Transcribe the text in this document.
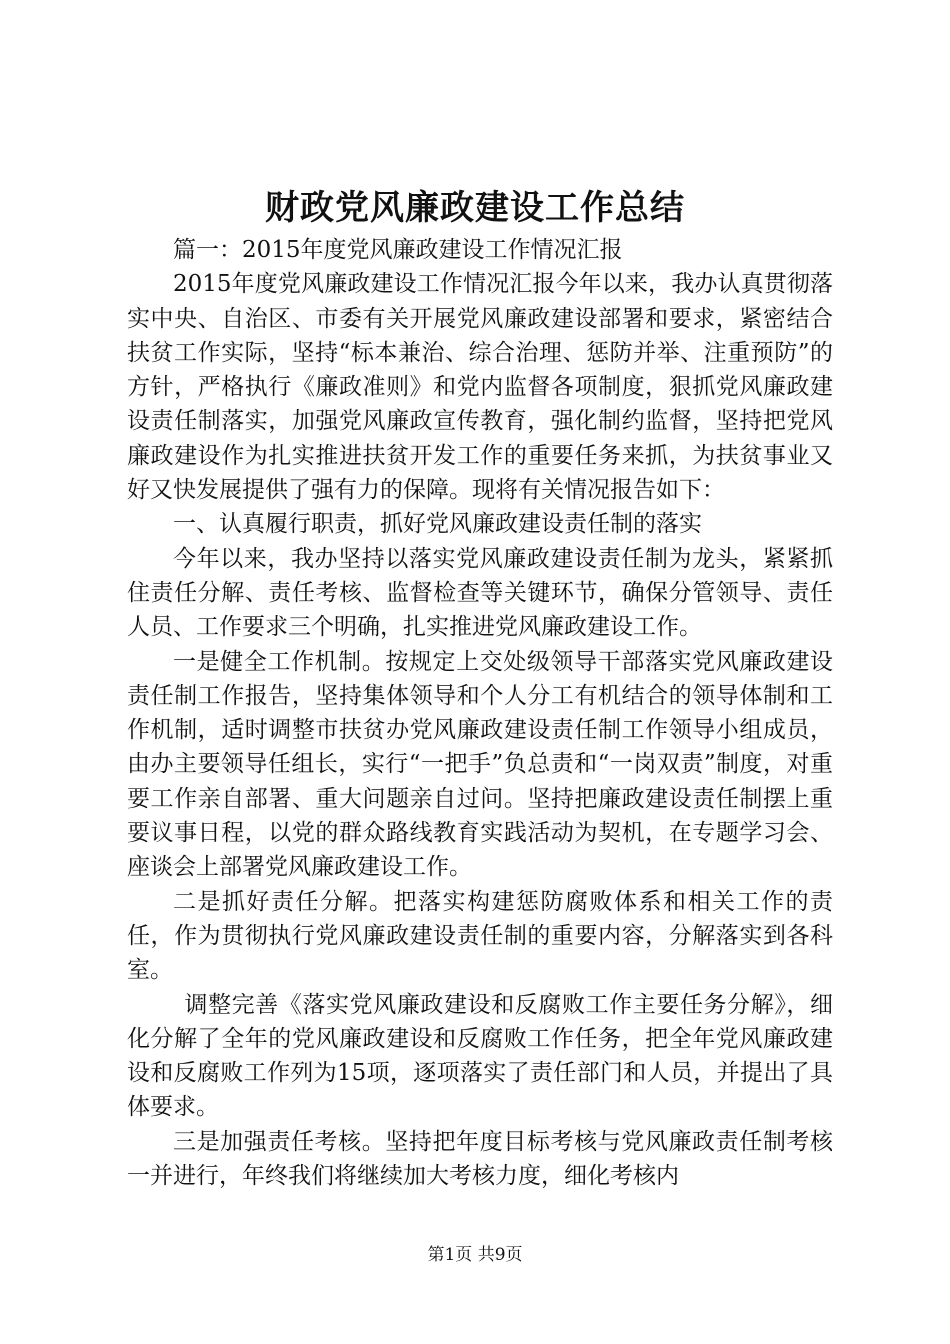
财政党风廉政建设工作总结

篇一：2015年度党风廉政建设工作情况汇报

2015年度党风廉政建设工作情况汇报今年以来，我办认真贯彻落实中央、自治区、市委有关开展党风廉政建设部署和要求，紧密结合扶贫工作实际，坚持“标本兼治、综合治理、惩防并举、注重预防”的方针，严格执行《廉政准则》和党内监督各项制度，狠抓党风廉政建设责任制落实，加强党风廉政宣传教育，强化制约监督，坚持把党风廉政建设作为扎实推进扶贫开发工作的重要任务来抓，为扶贫事业又好又快发展提供了强有力的保障。现将有关情况报告如下：

一、认真履行职责，抓好党风廉政建设责任制的落实

今年以来，我办坚持以落实党风廉政建设责任制为龙头，紧紧抓住责任分解、责任考核、监督检查等关键环节，确保分管领导、责任人员、工作要求三个明确，扎实推进党风廉政建设工作。

一是健全工作机制。按规定上交处级领导干部落实党风廉政建设责任制工作报告，坚持集体领导和个人分工有机结合的领导体制和工作机制，适时调整市扶贫办党风廉政建设责任制工作领导小组成员，由办主要领导任组长，实行“一把手”负总责和“一岗双责”制度，对重要工作亲自部署、重大问题亲自过问。坚持把廉政建设责任制摆上重要议事日程，以党的群众路线教育实践活动为契机，在专题学习会、座谈会上部署党风廉政建设工作。

二是抓好责任分解。把落实构建惩防腐败体系和相关工作的责任，作为贯彻执行党风廉政建设责任制的重要内容，分解落实到各科室。

调整完善《落实党风廉政建设和反腐败工作主要任务分解》，细化分解了全年的党风廉政建设和反腐败工作任务，把全年党风廉政建设和反腐败工作列为15项，逐项落实了责任部门和人员，并提出了具体要求。

三是加强责任考核。坚持把年度目标考核与党风廉政责任制考核一并进行，年终我们将继续加大考核力度，细化考核内

第1页 共9页
